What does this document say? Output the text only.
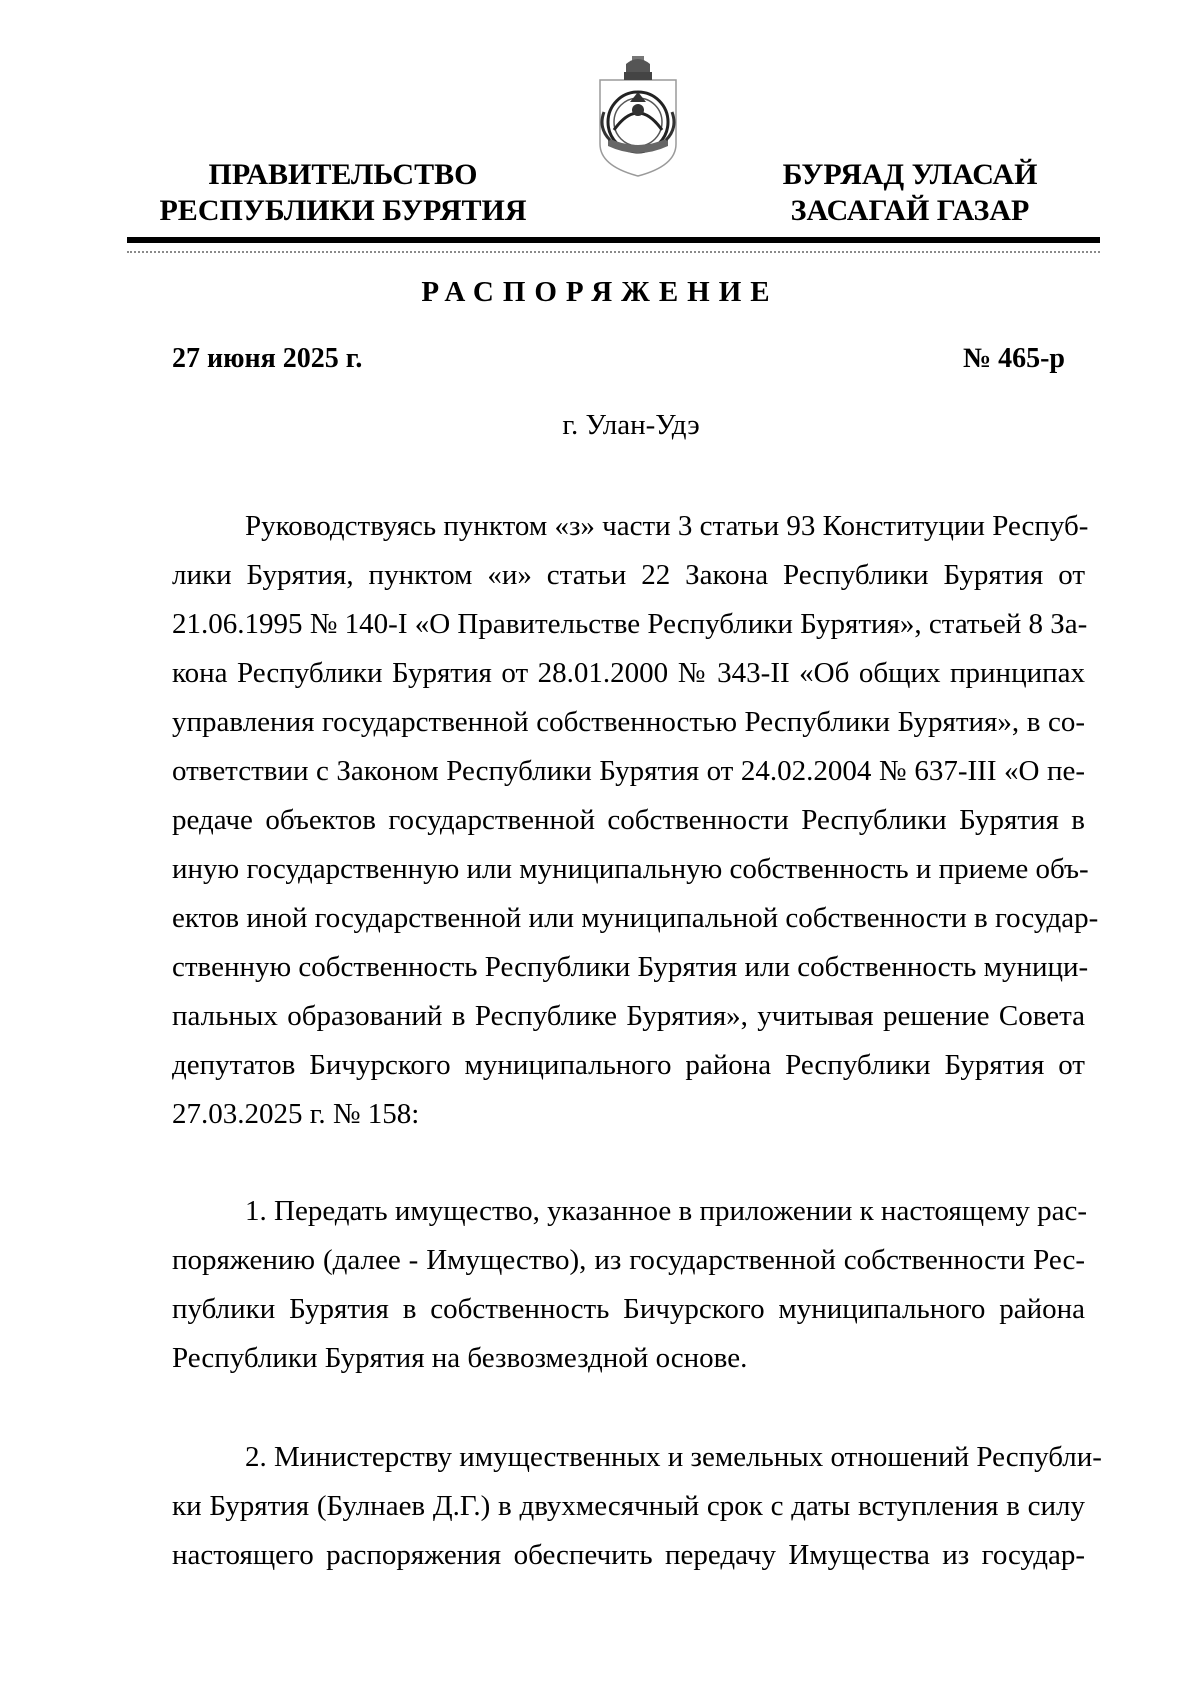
ПРАВИТЕЛЬСТВО
РЕСПУБЛИКИ БУРЯТИЯ
БУРЯАД УЛАСАЙ
ЗАСАГАЙ ГАЗАР
РАСПОРЯЖЕНИЕ
27 июня 2025 г.	№ 465-р
г. Улан-Удэ
Руководствуясь пунктом «з» части 3 статьи 93 Конституции Респуб-
лики Бурятия, пунктом «и» статьи 22 Закона Республики Бурятия от
21.06.1995 № 140-I «О Правительстве Республики Бурятия», статьей 8 За-
кона Республики Бурятия от 28.01.2000 № 343-II «Об общих принципах
управления государственной собственностью Республики Бурятия», в со-
ответствии с Законом Республики Бурятия от 24.02.2004 № 637-III «О пе-
редаче объектов государственной собственности Республики Бурятия в
иную государственную или муниципальную собственность и приеме объ-
ектов иной государственной или муниципальной собственности в государ-
ственную собственность Республики Бурятия или собственность муници-
пальных образований в Республике Бурятия», учитывая решение Совета
депутатов Бичурского муниципального района Республики Бурятия от
27.03.2025 г. № 158:
1. Передать имущество, указанное в приложении к настоящему рас-
поряжению (далее - Имущество), из государственной собственности Рес-
публики Бурятия в собственность Бичурского муниципального района
Республики Бурятия на безвозмездной основе.
2. Министерству имущественных и земельных отношений Республи-
ки Бурятия (Булнаев Д.Г.) в двухмесячный срок с даты вступления в силу
настоящего распоряжения обеспечить передачу Имущества из государ-
